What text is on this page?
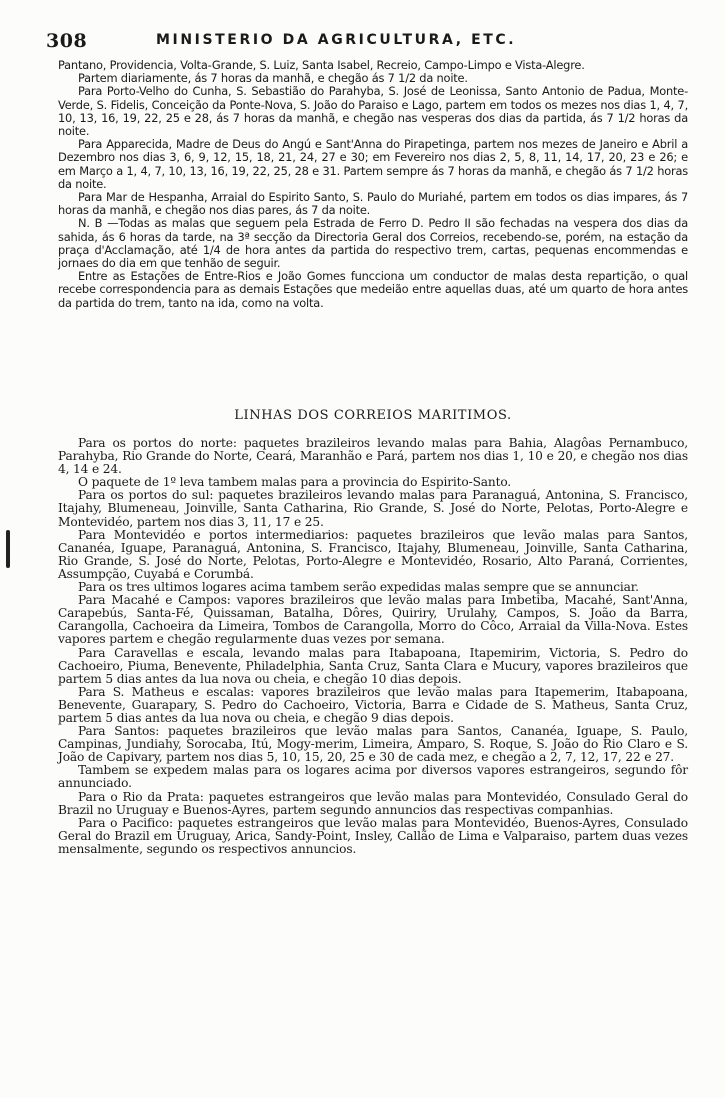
308	MINISTERIO DA AGRICULTURA, ETC.

Pantano, Providencia, Volta-Grande, S. Luiz, Santa Isabel, Recreio, Campo-Limpo e Vista-Alegre.

Partem diariamente, ás 7 horas da manhã, e chegão ás 7 1/2 da noite.

Para Porto-Velho do Cunha, S. Sebastião do Parahyba, S. José de Leonissa, Santo Antonio de Padua, Monte-Verde, S. Fidelis, Conceição da Ponte-Nova, S. João do Paraiso e Lago, partem em todos os mezes nos dias 1, 4, 7, 10, 13, 16, 19, 22, 25 e 28, ás 7 horas da manhã, e chegão nas vesperas dos dias da partida, ás 7 1/2 horas da noite.

Para Apparecida, Madre de Deus do Angú e Sant'Anna do Pirapetinga, partem nos mezes de Janeiro e Abril a Dezembro nos dias 3, 6, 9, 12, 15, 18, 21, 24, 27 e 30; em Fevereiro nos dias 2, 5, 8, 11, 14, 17, 20, 23 e 26; e em Março a 1, 4, 7, 10, 13, 16, 19, 22, 25, 28 e 31. Partem sempre ás 7 horas da manhã, e chegão ás 7 1/2 horas da noite.

Para Mar de Hespanha, Arraial do Espirito Santo, S. Paulo do Muriahé, partem em todos os dias impares, ás 7 horas da manhã, e chegão nos dias pares, ás 7 da noite.

N. B —Todas as malas que seguem pela Estrada de Ferro D. Pedro II são fechadas na vespera dos dias da sahida, ás 6 horas da tarde, na 3ª secção da Directoria Geral dos Correios, recebendo-se, porém, na estação da praça d'Acclamação, até 1/4 de hora antes da partida do respectivo trem, cartas, pequenas encommendas e jornaes do dia em que tenhão de seguir.

Entre as Estações de Entre-Rios e João Gomes funcciona um conductor de malas desta repartição, o qual recebe correspondencia para as demais Estações que medeião entre aquellas duas, até um quarto de hora antes da partida do trem, tanto na ida, como na volta.

LINHAS DOS CORREIOS MARITIMOS.

Para os portos do norte: paquetes brazileiros levando malas para Bahia, Alagôas Pernambuco, Parahyba, Rio Grande do Norte, Ceará, Maranhão e Pará, partem nos dias 1, 10 e 20, e chegão nos dias 4, 14 e 24.

O paquete de 1º leva tambem malas para a provincia do Espirito-Santo.

Para os portos do sul: paquetes brazileiros levando malas para Paranaguá, Antonina, S. Francisco, Itajahy, Blumeneau, Joinville, Santa Catharina, Rio Grande, S. José do Norte, Pelotas, Porto-Alegre e Montevidéo, partem nos dias 3, 11, 17 e 25.

Para Montevidéo e portos intermediarios: paquetes brazileiros que levão malas para Santos, Cananéa, Iguape, Paranaguá, Antonina, S. Francisco, Itajahy, Blumeneau, Joinville, Santa Catharina, Rio Grande, S. José do Norte, Pelotas, Porto-Alegre e Montevidéo, Rosario, Alto Paraná, Corrientes, Assumpção, Cuyabá e Corumbá.

Para os tres ultimos logares acima tambem serão expedidas malas sempre que se annunciar.

Para Macahé e Campos: vapores brazileiros que levão malas para Imbetiba, Macahé, Sant'Anna, Carapebús, Santa-Fé, Quissaman, Batalha, Dôres, Quiriry, Urulahy, Campos, S. João da Barra, Carangolla, Cachoeira da Limeira, Tombos de Carangolla, Morro do Côco, Arraial da Villa-Nova. Estes vapores partem e chegão regularmente duas vezes por semana.

Para Caravellas e escala, levando malas para Itabapoana, Itapemirim, Victoria, S. Pedro do Cachoeiro, Piuma, Benevente, Philadelphia, Santa Cruz, Santa Clara e Mucury, vapores brazileiros que partem 5 dias antes da lua nova ou cheia, e chegão 10 dias depois.

Para S. Matheus e escalas: vapores brazileiros que levão malas para Itapemerim, Itabapoana, Benevente, Guarapary, S. Pedro do Cachoeiro, Victoria, Barra e Cidade de S. Matheus, Santa Cruz, partem 5 dias antes da lua nova ou cheia, e chegão 9 dias depois.

Para Santos: paquetes brazileiros que levão malas para Santos, Cananéa, Iguape, S. Paulo, Campinas, Jundiahy, Sorocaba, Itú, Mogy-merim, Limeira, Amparo, S. Roque, S. João do Rio Claro e S. João de Capivary, partem nos dias 5, 10, 15, 20, 25 e 30 de cada mez, e chegão a 2, 7, 12, 17, 22 e 27.

Tambem se expedem malas para os logares acima por diversos vapores estrangeiros, segundo fôr annunciado.

Para o Rio da Prata: paquetes estrangeiros que levão malas para Montevidéo, Consulado Geral do Brazil no Uruguay e Buenos-Ayres, partem segundo annuncios das respectivas companhias.

Para o Pacifico: paquetes estrangeiros que levão malas para Montevidéo, Buenos-Ayres, Consulado Geral do Brazil em Uruguay, Arica, Sandy-Point, Insley, Callão de Lima e Valparaiso, partem duas vezes mensalmente, segundo os respectivos annuncios.
